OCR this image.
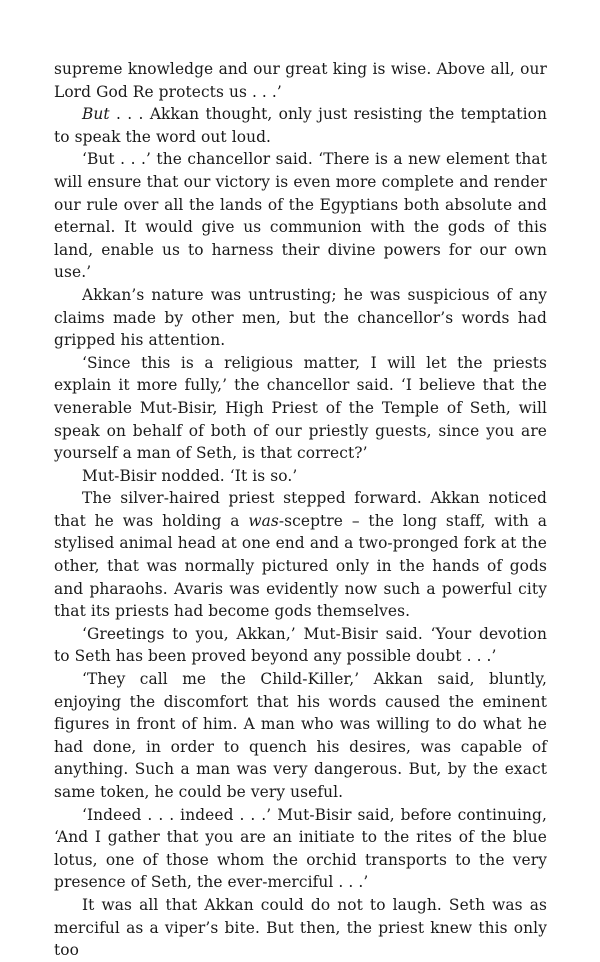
supreme knowledge and our great king is wise. Above all, our Lord God Re protects us . . .’

But . . . Akkan thought, only just resisting the temptation to speak the word out loud.

‘But . . .’ the chancellor said. ‘There is a new element that will ensure that our victory is even more complete and render our rule over all the lands of the Egyptians both absolute and eternal. It would give us communion with the gods of this land, enable us to harness their divine powers for our own use.’

Akkan’s nature was untrusting; he was suspicious of any claims made by other men, but the chancellor’s words had gripped his attention.

‘Since this is a religious matter, I will let the priests explain it more fully,’ the chancellor said. ‘I believe that the venerable Mut-Bisir, High Priest of the Temple of Seth, will speak on behalf of both of our priestly guests, since you are yourself a man of Seth, is that correct?’

Mut-Bisir nodded. ‘It is so.’

The silver-haired priest stepped forward. Akkan noticed that he was holding a was-sceptre – the long staff, with a stylised animal head at one end and a two-pronged fork at the other, that was normally pictured only in the hands of gods and pharaohs. Avaris was evidently now such a powerful city that its priests had become gods themselves.

‘Greetings to you, Akkan,’ Mut-Bisir said. ‘Your devotion to Seth has been proved beyond any possible doubt . . .’

‘They call me the Child-Killer,’ Akkan said, bluntly, enjoying the discomfort that his words caused the eminent figures in front of him. A man who was willing to do what he had done, in order to quench his desires, was capable of anything. Such a man was very dangerous. But, by the exact same token, he could be very useful.

‘Indeed . . . indeed . . .’ Mut-Bisir said, before continuing, ‘And I gather that you are an initiate to the rites of the blue lotus, one of those whom the orchid transports to the very presence of Seth, the ever-merciful . . .’

It was all that Akkan could do not to laugh. Seth was as merciful as a viper’s bite. But then, the priest knew this only too
